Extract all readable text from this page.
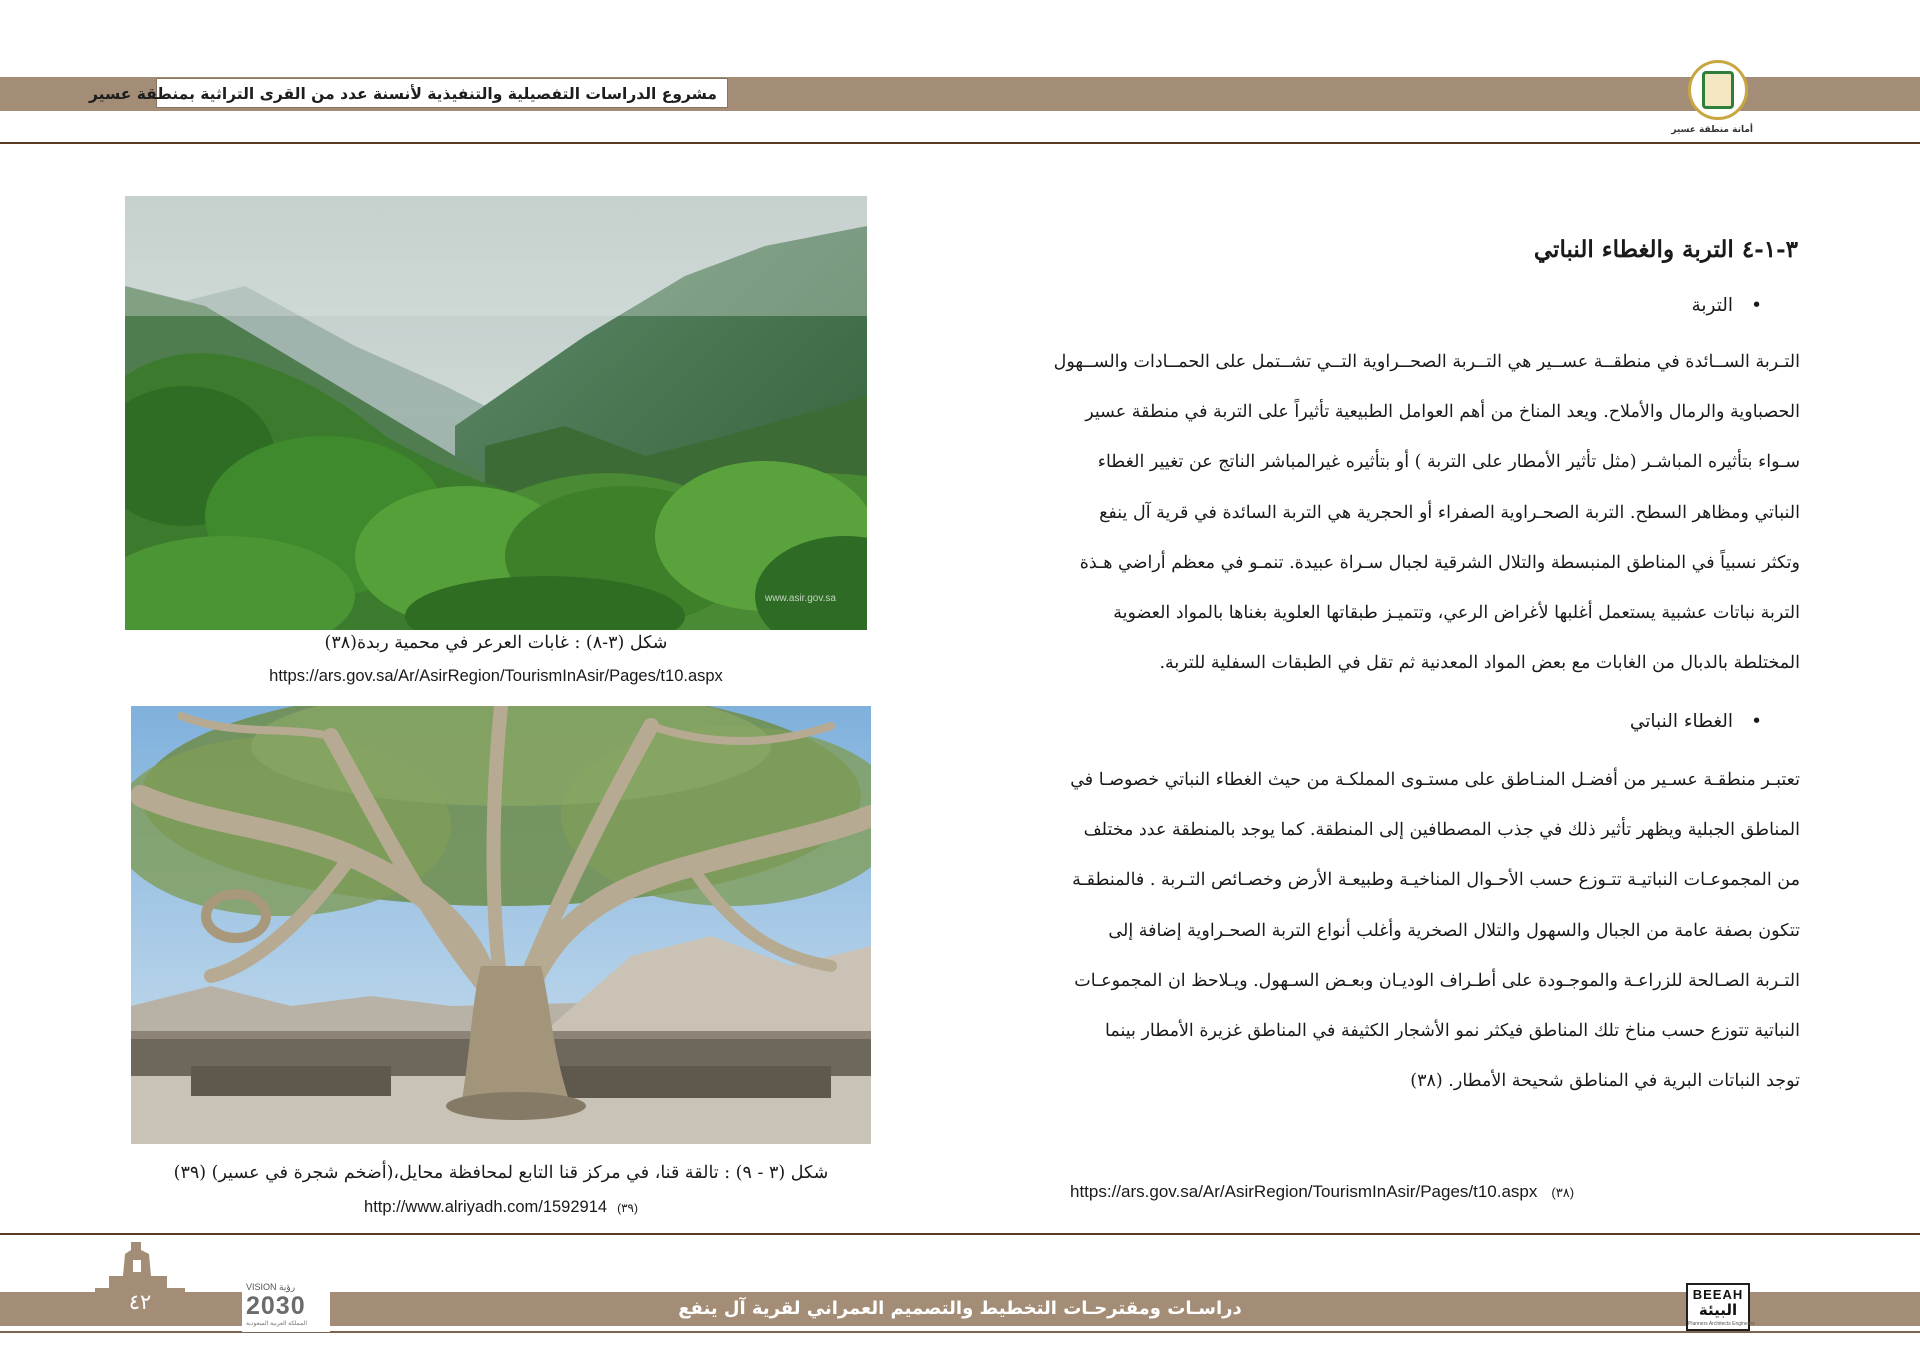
مشروع الدراسات التفصيلية والتنفيذية لأنسنة عدد من القرى التراثية بمنطقة عسير
أمانة منطقة عسير
٣-١-٤ التربة والغطاء النباتي
•التربة
التـربة الســائدة في منطقــة عســير هي التــربة الصحــراوية التــي تشــتمل على الحمــادات والســهول
الحصباوية والرمال والأملاح. ويعد المناخ من أهم العوامل الطبيعية تأثيراً على التربة في منطقة عسير
سـواء بتأثيره المباشـر (مثل تأثير الأمطار على التربة ) أو بتأثيره غيرالمباشر الناتج عن تغيير الغطاء
النباتي ومظاهر السطح. التربة الصحـراوية الصفراء أو الحجرية هي التربة السائدة في قرية آل ينفع
وتكثر نسبياً في المناطق المنبسطة والتلال الشرقية لجبال سـراة عبيدة. تنمـو في معظم أراضي هـذة
التربة نباتات عشبية يستعمل أغلبها لأغراض الرعي، وتتميـز طبقاتها العلوية بغناها بالمواد العضوية
المختلطة بالدبال من الغابات مع بعض المواد المعدنية ثم تقل في الطبقات السفلية للتربة.
•الغطاء النباتي
تعتبـر منطقـة عسـير من أفضـل المنـاطق على مستـوى المملكـة من حيث الغطاء النباتي خصوصـا في
المناطق الجبلية ويظهر تأثير ذلك في جذب المصطافين إلى المنطقة. كما يوجد بالمنطقة عدد مختلف
من المجموعـات النباتيـة تتـوزع حسب الأحـوال المناخيـة وطبيعـة الأرض وخصـائص التـربة . فالمنطقـة
تتكون بصفة عامة من الجبال والسهول والتلال الصخرية وأغلب أنواع التربة الصحـراوية إضافة إلى
التـربة الصـالحة للزراعـة والموجـودة على أطـراف الوديـان وبعـض السـهول. ويـلاحظ ان المجموعـات
النباتية تتوزع حسب مناخ تلك المناطق فيكثر نمو الأشجار الكثيفة في المناطق غزيرة الأمطار بينما
توجد النباتات البرية في المناطق شحيحة الأمطار. (٣٨)
https://ars.gov.sa/Ar/AsirRegion/TourismInAsir/Pages/t10.aspx (٣٨)
www.asir.gov.sa
شكل (٣-٨) : غابات العرعر في محمية ربدة(٣٨)
https://ars.gov.sa/Ar/AsirRegion/TourismInAsir/Pages/t10.aspx
شكل (٣ - ٩) : تالقة قنا، في مركز قنا التابع لمحافظة محايل،(أضخم شجرة في عسير) (٣٩)
http://www.alriyadh.com/1592914 (٣٩)
٤٢
VISION رؤية
2030
المملكة العربية السعودية
دراسـات ومقترحـات التخطيط والتصميم العمراني لقرية آل ينفع
BEEAH
البيئة
Planners Architects Engineers
